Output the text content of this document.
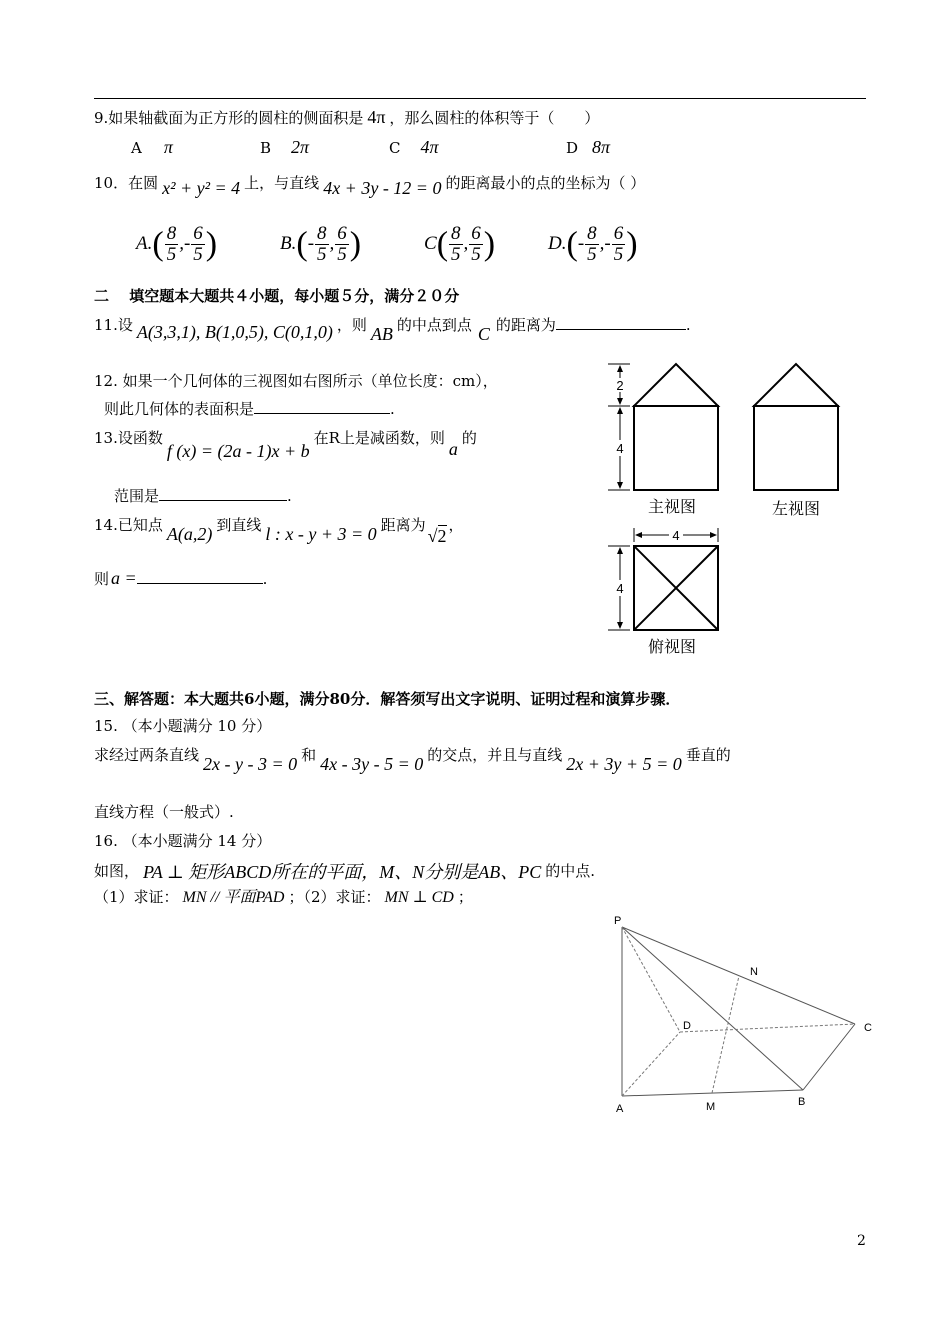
9.如果轴截面为正方形的圆柱的侧面积是 4π ，那么圆柱的体积等于（　　）
A π	B 2π	C 4π	D 8π
10．在圆 x² + y² = 4 上，与直线 4x + 3y - 12 = 0 的距离最小的点的坐标为（ ）
$A.( \frac{8}{5}$ ,- $\frac{6}{5}$ )	$B.(- \frac{8}{5}$ , $\frac{6}{5}$ )	$C( \frac{8}{5}$ , $\frac{6}{5}$ )	$D.(- \frac{8}{5}$ ,- $\frac{6}{5}$ )
二　 填空题本大题共４小题，每小题５分，满分２０分
11.设 A(3,3,1), B(1,0,5), C(0,1,0) ，则 AB 的中点到点 C 的距离为	.
12. 如果一个几何体的三视图如右图所示（单位长度：cm），
则此几何体的表面积是	.
13.设函数f (x) = (2a - 1)x + b在R上是减函数，则a的
范围是	.
14.已知点 A(a,2) 到直线 l : x - y + 3 = 0 距离为√2，
则 a =	.
2
4
4
4
主视图	左视图
俯视图
三、解答题：本大题共6小题，满分80分．解答须写出文字说明、证明过程和演算步骤．
15. （本小题满分 10 分）
求经过两条直线 2x - y - 3 = 0 和 4x - 3y - 5 = 0 的交点，并且与直线 2x + 3y + 5 = 0 垂直的
直线方程（一般式）.
16. （本小题满分 14 分）
如图， PA ⊥ 矩形ABCD所在的平面，M、N分别是AB、PC 的中点.
（1）求证： MN // 平面PAD ；（2）求证： MN ⊥ CD ；
P
N
D	C
A	M	B
2
